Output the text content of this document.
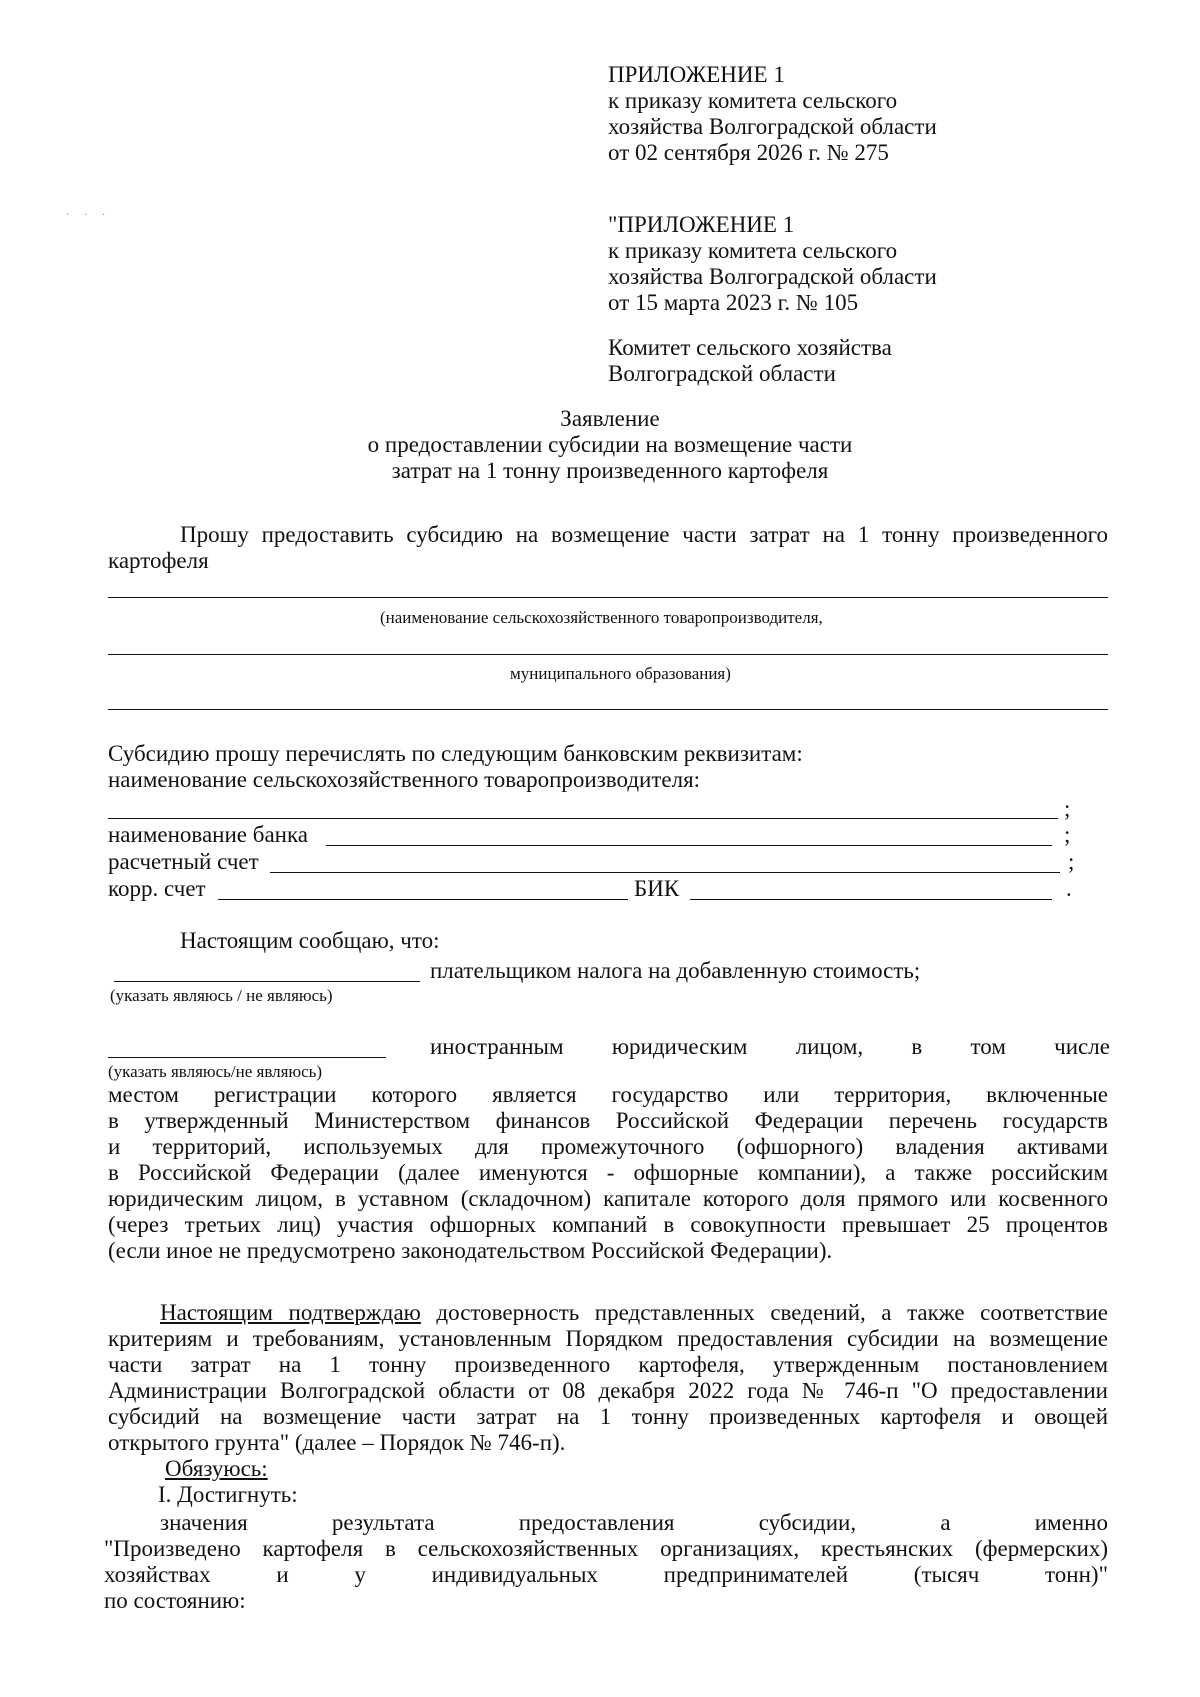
. . .
ПРИЛОЖЕНИЕ 1
к приказу комитета сельского
хозяйства Волгоградской области
от 02 сентября 2026 г. № 275
"ПРИЛОЖЕНИЕ 1
к приказу комитета сельского
хозяйства Волгоградской области
от 15 марта 2023 г. № 105
Комитет сельского хозяйства
Волгоградской области
Заявление
о предоставлении субсидии на возмещение части
затрат на 1 тонну произведенного картофеля
Прошу предоставить субсидию на возмещение части затрат на 1 тонну произведенного
картофеля
(наименование сельскохозяйственного товаропроизводителя,
муниципального образования)
Субсидию прошу перечислять по следующим банковским реквизитам:
наименование сельскохозяйственного товаропроизводителя:
;
наименование банка	;
расчетный счет	;
корр. счет	БИК	.
Настоящим сообщаю, что:
плательщиком налога на добавленную стоимость;
(указать являюсь / не являюсь)
иностранным юридическим лицом, в том числе
(указать являюсь/не являюсь)
местом регистрации которого является государство или территория, включенные
в утвержденный Министерством финансов Российской Федерации перечень государств
и территорий, используемых для промежуточного (офшорного) владения активами
в Российской Федерации (далее именуются - офшорные компании), а также российским
юридическим лицом, в уставном (складочном) капитале которого доля прямого или косвенного
(через третьих лиц) участия офшорных компаний в совокупности превышает 25 процентов
(если иное не предусмотрено законодательством Российской Федерации).
Настоящим подтверждаю достоверность представленных сведений, а также соответствие
критериям и требованиям, установленным Порядком предоставления субсидии на возмещение
части затрат на 1 тонну произведенного картофеля, утвержденным постановлением
Администрации Волгоградской области от 08 декабря 2022 года № 746-п "О предоставлении
субсидий на возмещение части затрат на 1 тонну произведенных картофеля и овощей
открытого грунта" (далее – Порядок № 746-п).
Обязуюсь:
I. Достигнуть:
значения	результата	предоставления	субсидии,	а	именно
"Произведено картофеля в сельскохозяйственных организациях, крестьянских (фермерских)
хозяйствах	и	у	индивидуальных	предпринимателей	(тысяч	тонн)"
по состоянию:
